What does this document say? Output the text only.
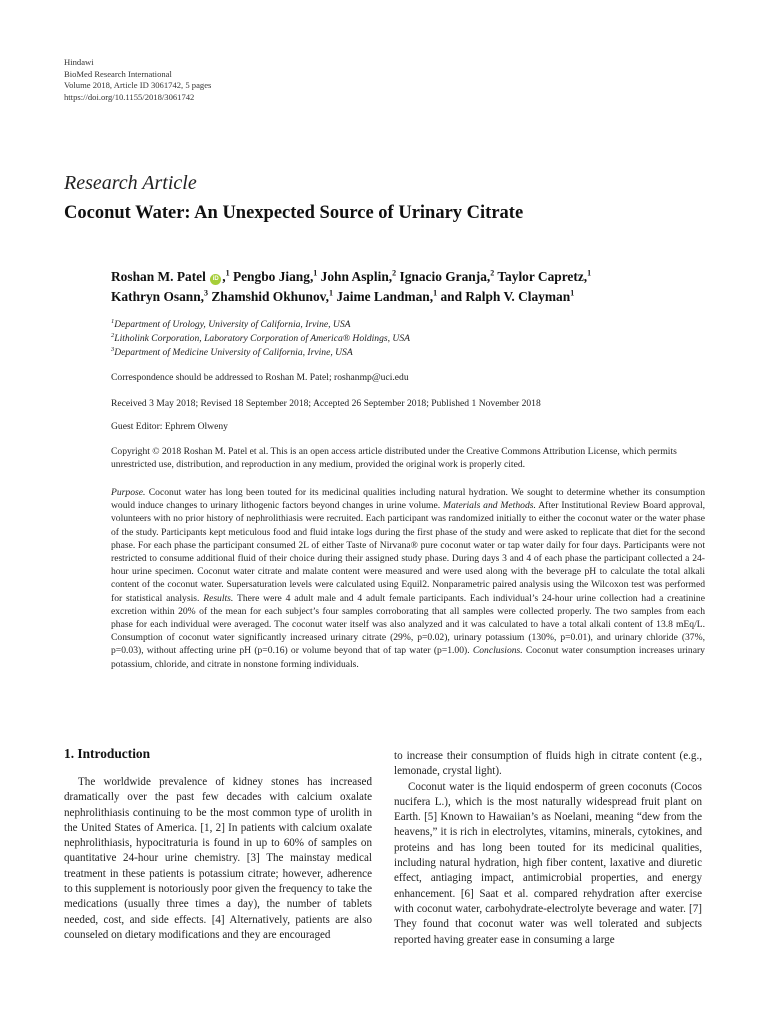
Hindawi
BioMed Research International
Volume 2018, Article ID 3061742, 5 pages
https://doi.org/10.1155/2018/3061742
Research Article
Coconut Water: An Unexpected Source of Urinary Citrate
Roshan M. Patel iD ,$^1$ Pengbo Jiang,$^1$ John Asplin,$^2$ Ignacio Granja,$^2$ Taylor Capretz,$^1$
Kathryn Osann,$^3$ Zhamshid Okhunov,$^1$ Jaime Landman,$^1$ and Ralph V. Clayman$^1$
$^1$Department of Urology, University of California, Irvine, USA
$^2$Litholink Corporation, Laboratory Corporation of America® Holdings, USA
$^3$Department of Medicine University of California, Irvine, USA
Correspondence should be addressed to Roshan M. Patel; roshanmp@uci.edu
Received 3 May 2018; Revised 18 September 2018; Accepted 26 September 2018; Published 1 November 2018
Guest Editor: Ephrem Olweny
Copyright © 2018 Roshan M. Patel et al. This is an open access article distributed under the Creative Commons Attribution License, which permits unrestricted use, distribution, and reproduction in any medium, provided the original work is properly cited.
Purpose. Coconut water has long been touted for its medicinal qualities including natural hydration. We sought to determine whether its consumption would induce changes to urinary lithogenic factors beyond changes in urine volume. Materials and Methods. After Institutional Review Board approval, volunteers with no prior history of nephrolithiasis were recruited. Each participant was randomized initially to either the coconut water or the water phase of the study. Participants kept meticulous food and fluid intake logs during the first phase of the study and were asked to replicate that diet for the second phase. For each phase the participant consumed 2L of either Taste of Nirvana® pure coconut water or tap water daily for four days. Participants were not restricted to consume additional fluid of their choice during their assigned study phase. During days 3 and 4 of each phase the participant collected a 24-hour urine specimen. Coconut water citrate and malate content were measured and were used along with the beverage pH to calculate the total alkali content of the coconut water. Supersaturation levels were calculated using Equil2. Nonparametric paired analysis using the Wilcoxon test was performed for statistical analysis. Results. There were 4 adult male and 4 adult female participants. Each individual’s 24-hour urine collection had a creatinine excretion within 20% of the mean for each subject’s four samples corroborating that all samples were collected properly. The two samples from each phase for each individual were averaged. The coconut water itself was also analyzed and it was calculated to have a total alkali content of 13.8 mEq/L. Consumption of coconut water significantly increased urinary citrate (29%, p=0.02), urinary potassium (130%, p=0.01), and urinary chloride (37%, p=0.03), without affecting urine pH (p=0.16) or volume beyond that of tap water (p=1.00). Conclusions. Coconut water consumption increases urinary potassium, chloride, and citrate in nonstone forming individuals.
1. Introduction
The worldwide prevalence of kidney stones has increased dramatically over the past few decades with calcium oxalate nephrolithiasis continuing to be the most common type of urolith in the United States of America. [1, 2] In patients with calcium oxalate nephrolithiasis, hypocitraturia is found in up to 60% of samples on quantitative 24-hour urine chemistry. [3] The mainstay medical treatment in these patients is potassium citrate; however, adherence to this supplement is notoriously poor given the frequency to take the medications (usually three times a day), the number of tablets needed, cost, and side effects. [4] Alternatively, patients are also counseled on dietary modifications and they are encouraged
to increase their consumption of fluids high in citrate content (e.g., lemonade, crystal light).
Coconut water is the liquid endosperm of green coconuts (Cocos nucifera L.), which is the most naturally widespread fruit plant on Earth. [5] Known to Hawaiian’s as Noelani, meaning “dew from the heavens,” it is rich in electrolytes, vitamins, minerals, cytokines, and proteins and has long been touted for its medicinal qualities, including natural hydration, high fiber content, laxative and diuretic effect, antiaging impact, antimicrobial properties, and energy enhancement. [6] Saat et al. compared rehydration after exercise with coconut water, carbohydrate-electrolyte beverage and water. [7] They found that coconut water was well tolerated and subjects reported having greater ease in consuming a large
